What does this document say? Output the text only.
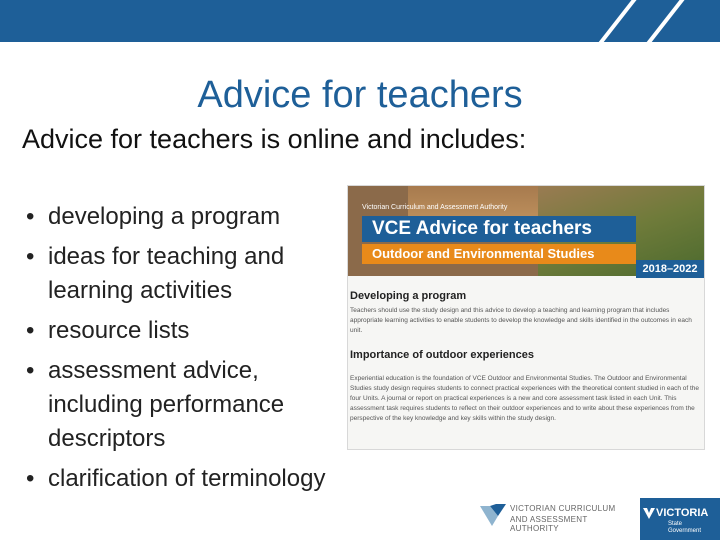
Advice for teachers
Advice for teachers is online and includes:
• developing a program
• ideas for teaching and learning activities
• resource lists
• assessment advice, including performance descriptors
• clarification of terminology
Victorian Curriculum and Assessment Authority
VCE Advice for teachers
Outdoor and Environmental Studies
2018–2022
Developing a program
Teachers should use the study design and this advice to develop a teaching and learning program that includes appropriate learning activities to enable students to develop the knowledge and skills identified in the outcomes in each unit.
Importance of outdoor experiences
Experiential education is the foundation of VCE Outdoor and Environmental Studies. The Outdoor and Environmental Studies study design requires students to connect practical experiences with the theoretical content studied in each of the four Units. A journal or report on practical experiences is a new and core assessment task listed in each Unit. This assessment task requires students to reflect on their outdoor experiences and to write about these experiences from the perspective of the key knowledge and key skills within the study design.
VICTORIAN CURRICULUM
AND ASSESSMENT AUTHORITY
VICTORIA
State Government
